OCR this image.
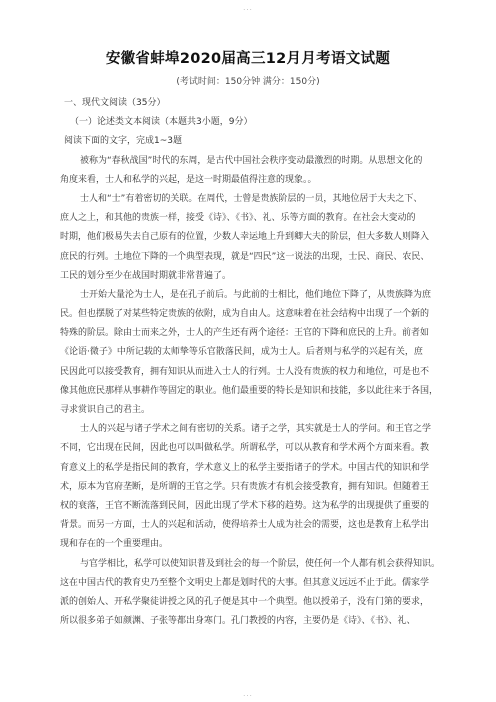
...
安徽省蚌埠2020届高三12月月考语文试题
(考试时间：150分钟 满分：150分)
一、现代文阅读（35分）
（一）论述类文本阅读（本题共3小题，9分）
阅读下面的文字，完成1~3题
被称为“春秋战国”时代的东周，是古代中国社会秩序变动最激烈的时期。从思想文化的
角度来看，士人和私学的兴起，是这一时期最值得注意的现象。。
士人和“士”有着密切的关联。在周代，士曾是贵族阶层的一员，其地位居于大夫之下、
庶人之上，和其他的贵族一样，接受《诗》、《书》、礼、乐等方面的教育。在社会大变动的
时期，他们极易失去自己原有的位置，少数人幸运地上升到卿大夫的阶层，但大多数人则降入
庶民的行列。土地位下降的一个典型表现，就是“四民”这一说法的出现，士民、商民、农民、
工民的划分至少在战国时期就非常普遍了。
士开始大量沦为士人，是在孔子前后。与此前的士相比，他们地位下降了，从贵族降为庶
民。但也摆脱了对某些特定贵族的依附，成为自由人。这意味着在社会结构中出现了一个新的
特殊的阶层。除由士而来之外，士人的产生还有两个途径：王官的下降和庶民的上升。前者如
《论语·微子》中所记载的太师挚等乐官散落民间，成为士人。后者则与私学的兴起有关，庶
民因此可以接受教育，拥有知识从而进入士人的行列。士人没有贵族的权力和地位，可是也不
像其他庶民那样从事耕作等固定的职业。他们最重要的特长是知识和技能，多以此往来于各国，
寻求赏识自己的君主。
士人的兴起与诸子学术之间有密切的关系。诸子之学，其实就是士人的学问。和王官之学
不同，它出现在民间，因此也可以叫做私学。所谓私学，可以从教育和学术两个方面来看。教
育意义上的私学是指民间的教育，学术意义上的私学主要指诸子的学术。中国古代的知识和学
术，原本为官府垄断，是所谓的王官之学。只有贵族才有机会接受教育，拥有知识。但随着王
权的衰落，王官不断流落到民间，因此出现了学术下移的趋势。这为私学的出现提供了重要的
背景。而另一方面，士人的兴起和活动，使得培养士人成为社会的需要，这也是教育上私学出
现和存在的一个重要理由。
与官学相比，私学可以使知识普及到社会的每一个阶层，使任何一个人都有机会获得知识。
这在中国古代的教育史乃至整个文明史上都是划时代的大事。但其意义远远不止于此。儒家学
派的创始人、开私学聚徒讲授之风的孔子便是其中一个典型。他以授弟子，没有门第的要求，
所以很多弟子如颜渊、子张等都出身寒门。孔门教授的内容，主要仍是《诗》、《书》、礼、
...
